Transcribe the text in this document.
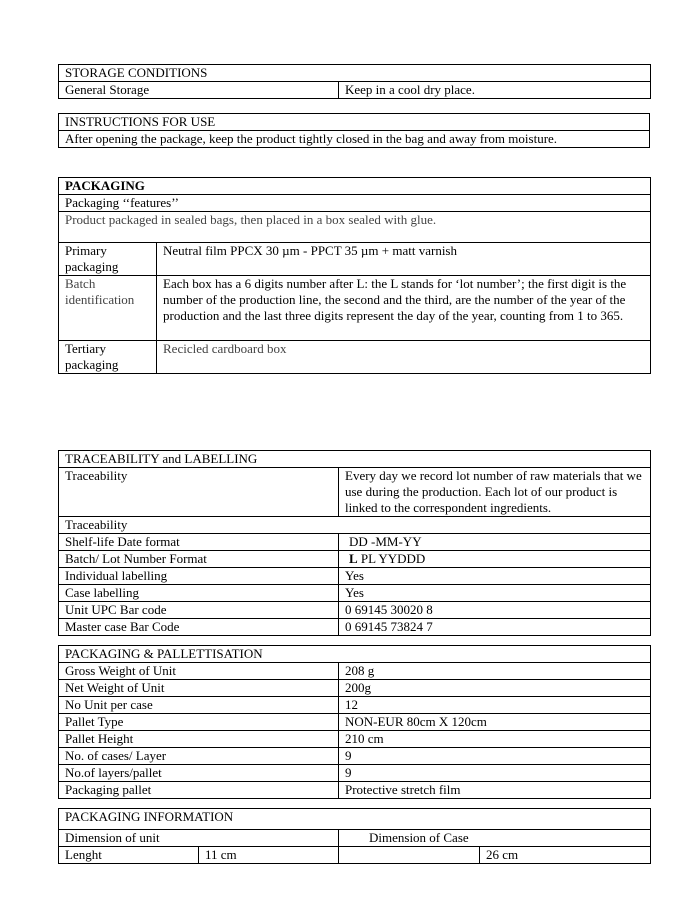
STORAGE CONDITIONS
General Storage	Keep in a cool dry place.
INSTRUCTIONS FOR USE
After opening the package, keep the product tightly closed in the bag and away from moisture.
PACKAGING	
Packaging ‘‘features’’	
Product packaged in sealed bags, then placed in a box sealed with glue.	
Primary packaging	Neutral film PPCX 30 µm - PPCT 35 µm + matt varnish
Batch identification	Each box has a 6 digits number after L: the L stands for ‘lot number’; the first digit is the number of the production line, the second and the third, are the number of the year of the production and the last three digits represent the day of the year, counting from 1 to 365.
Tertiary packaging	Recicled cardboard box
TRACEABILITY and LABELLING	
Traceability	Every day we record lot number of raw materials that we use during the production. Each lot of our product is linked to the correspondent ingredients.
Traceability	
Shelf-life Date format	DD -MM-YY
Batch/ Lot Number Format	L PL YYDDD
Individual labelling	Yes
Case labelling	Yes
Unit UPC Bar code	0 69145 30020 8
Master case Bar Code	0 69145 73824 7
PACKAGING & PALLETTISATION	
Gross Weight of Unit	208 g
Net Weight of Unit	200g
No Unit per case	12
Pallet Type	NON-EUR 80cm X 120cm
Pallet Height	210 cm
No. of cases/ Layer	9
No.of layers/pallet	9
Packaging pallet	Protective stretch film
PACKAGING INFORMATION			
Dimension of unit		Dimension of Case	
Lenght	11 cm		26 cm
